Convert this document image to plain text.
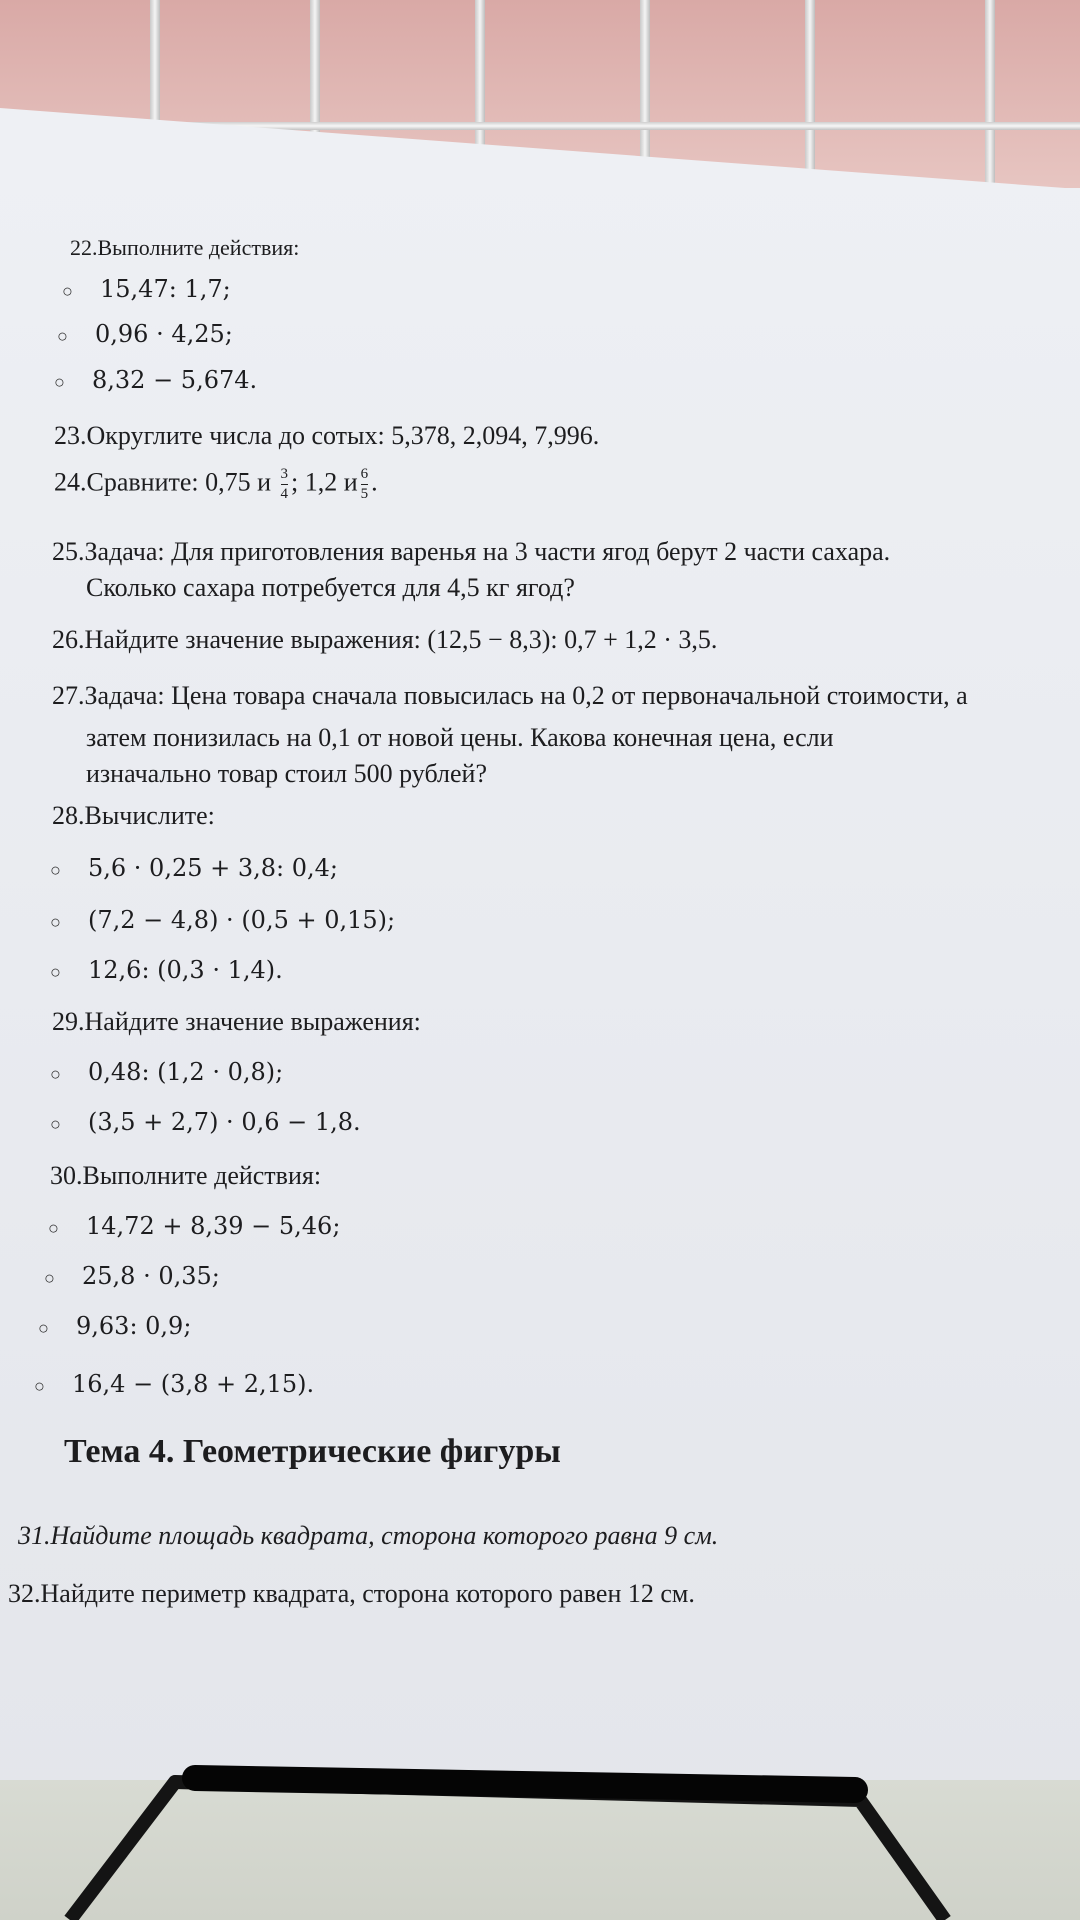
22.Выполните действия:
○ 15,47: 1,7;
○ 0,96 · 4,25;
○ 8,32 − 5,674.
23.Округлите числа до сотых: 5,378, 2,094, 7,996.
24.Сравните: 0,75 и $\frac{3}{4}$ ; 1,2 и $\frac{6}{5}$ .
25.Задача: Для приготовления варенья на 3 части ягод берут 2 части сахара.
Сколько сахара потребуется для 4,5 кг ягод?
26.Найдите значение выражения: (12,5 − 8,3): 0,7 + 1,2 · 3,5.
27.Задача: Цена товара сначала повысилась на 0,2 от первоначальной стоимости, а
затем понизилась на 0,1 от новой цены. Какова конечная цена, если
изначально товар стоил 500 рублей?
28.Вычислите:
○ 5,6 · 0,25 + 3,8: 0,4;
○ (7,2 − 4,8) · (0,5 + 0,15);
○ 12,6: (0,3 · 1,4).
29.Найдите значение выражения:
○ 0,48: (1,2 · 0,8);
○ (3,5 + 2,7) · 0,6 − 1,8.
30.Выполните действия:
○ 14,72 + 8,39 − 5,46;
○ 25,8 · 0,35;
○ 9,63: 0,9;
○ 16,4 − (3,8 + 2,15).
Тема 4. Геометрические фигуры
31.Найдите площадь квадрата, сторона которого равна 9 см.
32.Найдите периметр квадрата, сторона которого равен 12 см.
